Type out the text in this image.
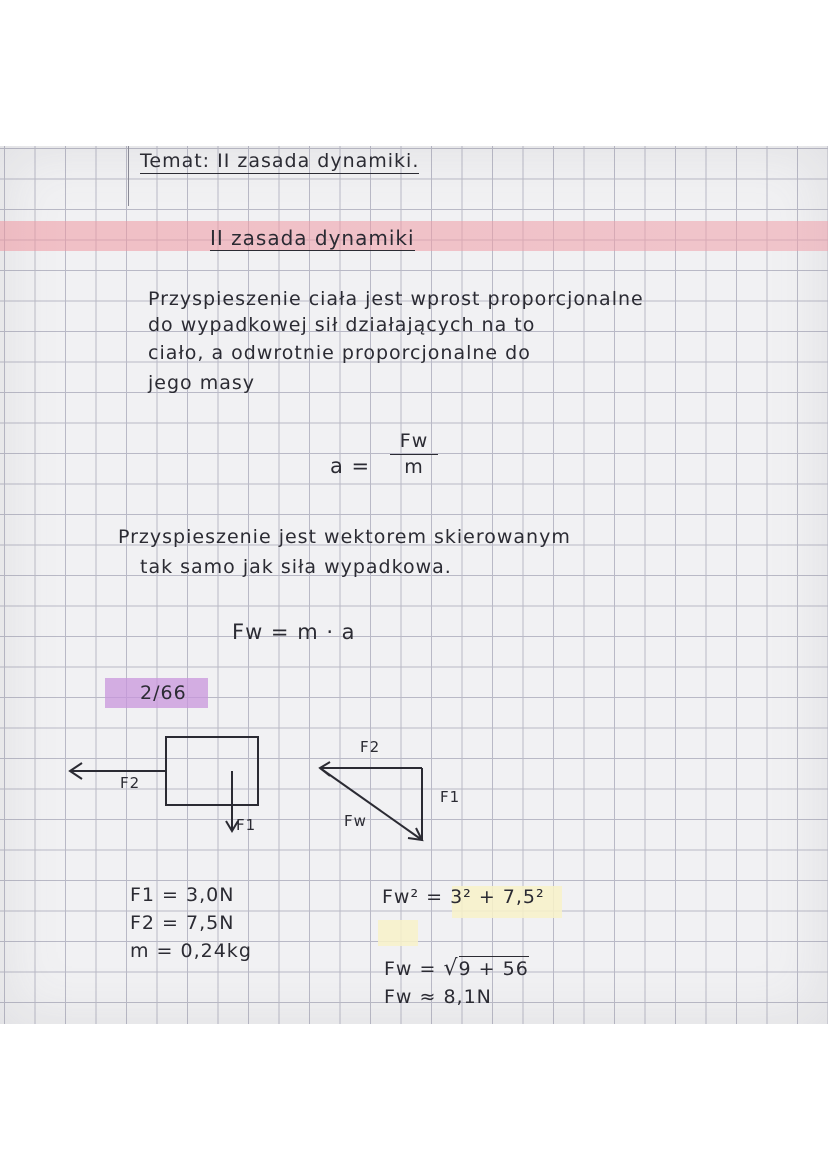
Temat: II zasada dynamiki.
II zasada dynamiki
Przyspieszenie ciała jest wprost proporcjonalne
do wypadkowej sił działających na to
ciało, a odwrotnie proporcjonalne do
jego masy
a =
Fw
m
Przyspieszenie jest wektorem skierowanym
tak samo jak siła wypadkowa.
Fw = m · a
2/66
F2
F1
F2
F1
Fw
F1 = 3,0N
F2 = 7,5N
m = 0,24kg
Fw² = 3² + 7,5²
Fw = √9 + 56
Fw ≈ 8,1N
